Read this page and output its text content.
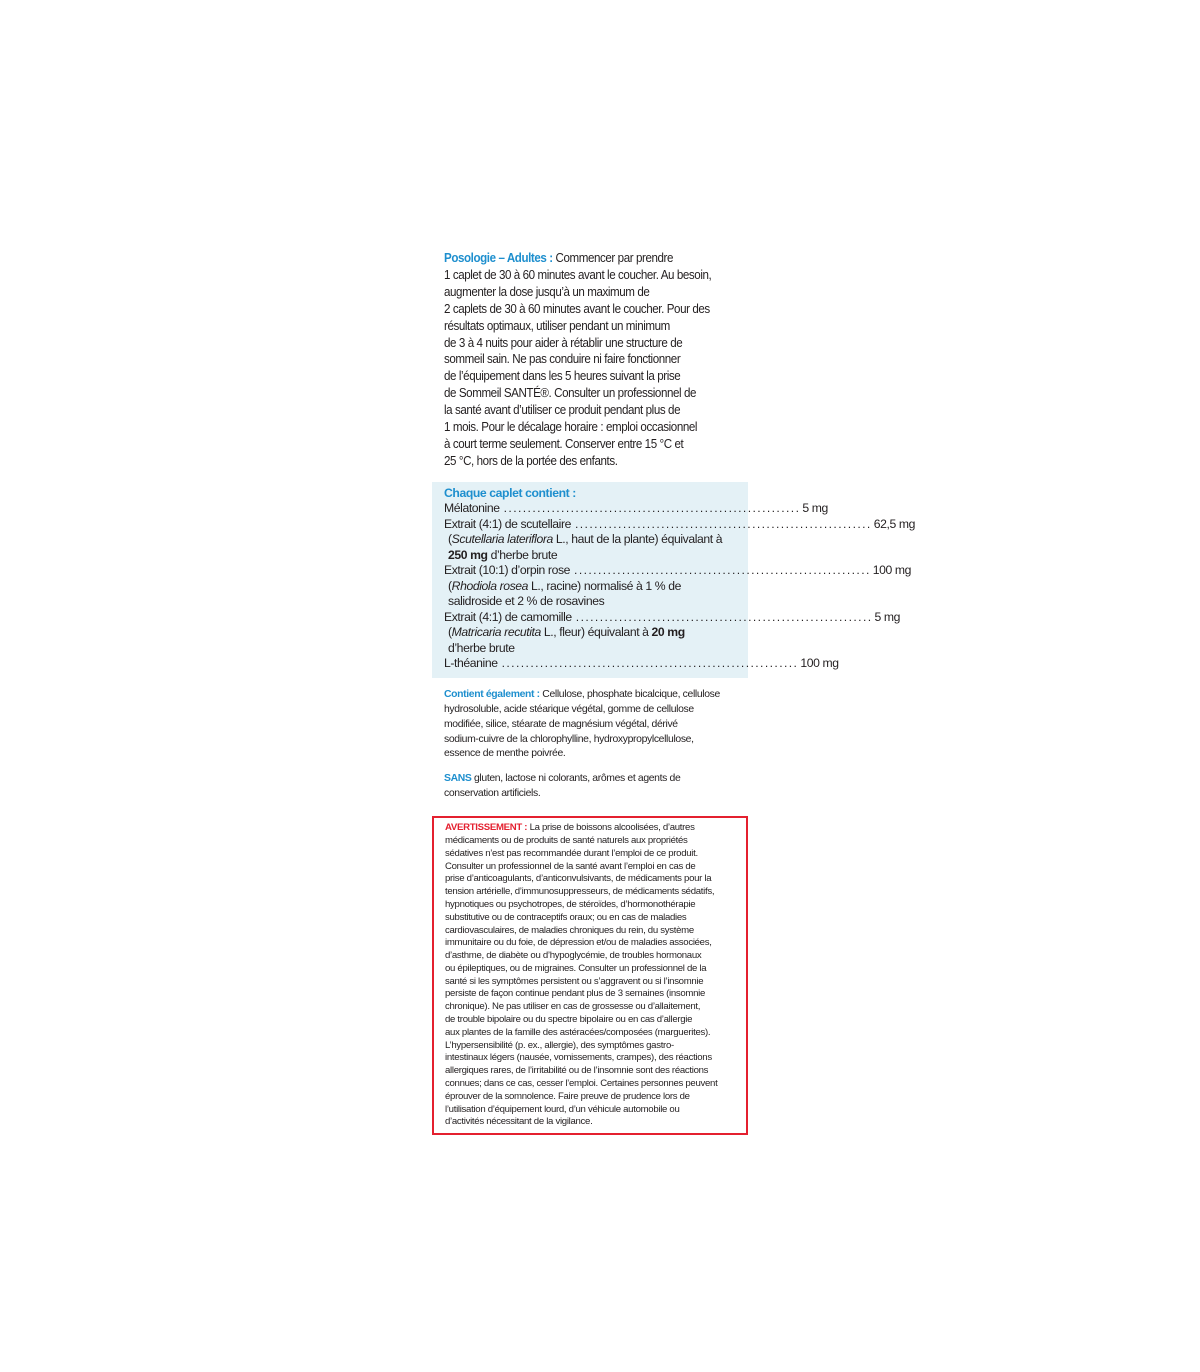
Posologie – Adultes : Commencer par prendre
1 caplet de 30 à 60 minutes avant le coucher. Au besoin,
augmenter la dose jusqu’à un maximum de
2 caplets de 30 à 60 minutes avant le coucher. Pour des
résultats optimaux, utiliser pendant un minimum
de 3 à 4 nuits pour aider à rétablir une structure de
sommeil sain. Ne pas conduire ni faire fonctionner
de l’équipement dans les 5 heures suivant la prise
de Sommeil SANTÉ®. Consulter un professionnel de
la santé avant d’utiliser ce produit pendant plus de
1 mois. Pour le décalage horaire : emploi occasionnel
à court terme seulement. Conserver entre 15 °C et
25 °C, hors de la portée des enfants.
Chaque caplet contient :
Mélatonine .............................................................. 5 mg
Extrait (4:1) de scutellaire .............................................................. 62,5 mg
(Scutellaria lateriflora L., haut de la plante) équivalant à
250 mg d’herbe brute
Extrait (10:1) d’orpin rose .............................................................. 100 mg
(Rhodiola rosea L., racine) normalisé à 1 % de
salidroside et 2 % de rosavines
Extrait (4:1) de camomille .............................................................. 5 mg
(Matricaria recutita L., fleur) équivalant à 20 mg
d’herbe brute
L-théanine .............................................................. 100 mg
Contient également : Cellulose, phosphate bicalcique, cellulose
hydrosoluble, acide stéarique végétal, gomme de cellulose
modifiée, silice, stéarate de magnésium végétal, dérivé
sodium-cuivre de la chlorophylline, hydroxypropylcellulose,
essence de menthe poivrée.
SANS gluten, lactose ni colorants, arômes et agents de
conservation artificiels.
AVERTISSEMENT : La prise de boissons alcoolisées, d’autres
médicaments ou de produits de santé naturels aux propriétés
sédatives n’est pas recommandée durant l’emploi de ce produit.
Consulter un professionnel de la santé avant l’emploi en cas de
prise d’anticoagulants, d’anticonvulsivants, de médicaments pour la
tension artérielle, d’immunosuppresseurs, de médicaments sédatifs,
hypnotiques ou psychotropes, de stéroïdes, d’hormonothérapie
substitutive ou de contraceptifs oraux; ou en cas de maladies
cardiovasculaires, de maladies chroniques du rein, du système
immunitaire ou du foie, de dépression et/ou de maladies associées,
d’asthme, de diabète ou d’hypoglycémie, de troubles hormonaux
ou épileptiques, ou de migraines. Consulter un professionnel de la
santé si les symptômes persistent ou s’aggravent ou si l’insomnie
persiste de façon continue pendant plus de 3 semaines (insomnie
chronique). Ne pas utiliser en cas de grossesse ou d’allaitement,
de trouble bipolaire ou du spectre bipolaire ou en cas d’allergie
aux plantes de la famille des astéracées/composées (marguerites).
L’hypersensibilité (p. ex., allergie), des symptômes gastro-
intestinaux légers (nausée, vomissements, crampes), des réactions
allergiques rares, de l’irritabilité ou de l’insomnie sont des réactions
connues; dans ce cas, cesser l’emploi. Certaines personnes peuvent
éprouver de la somnolence. Faire preuve de prudence lors de
l’utilisation d’équipement lourd, d’un véhicule automobile ou
d’activités nécessitant de la vigilance.
